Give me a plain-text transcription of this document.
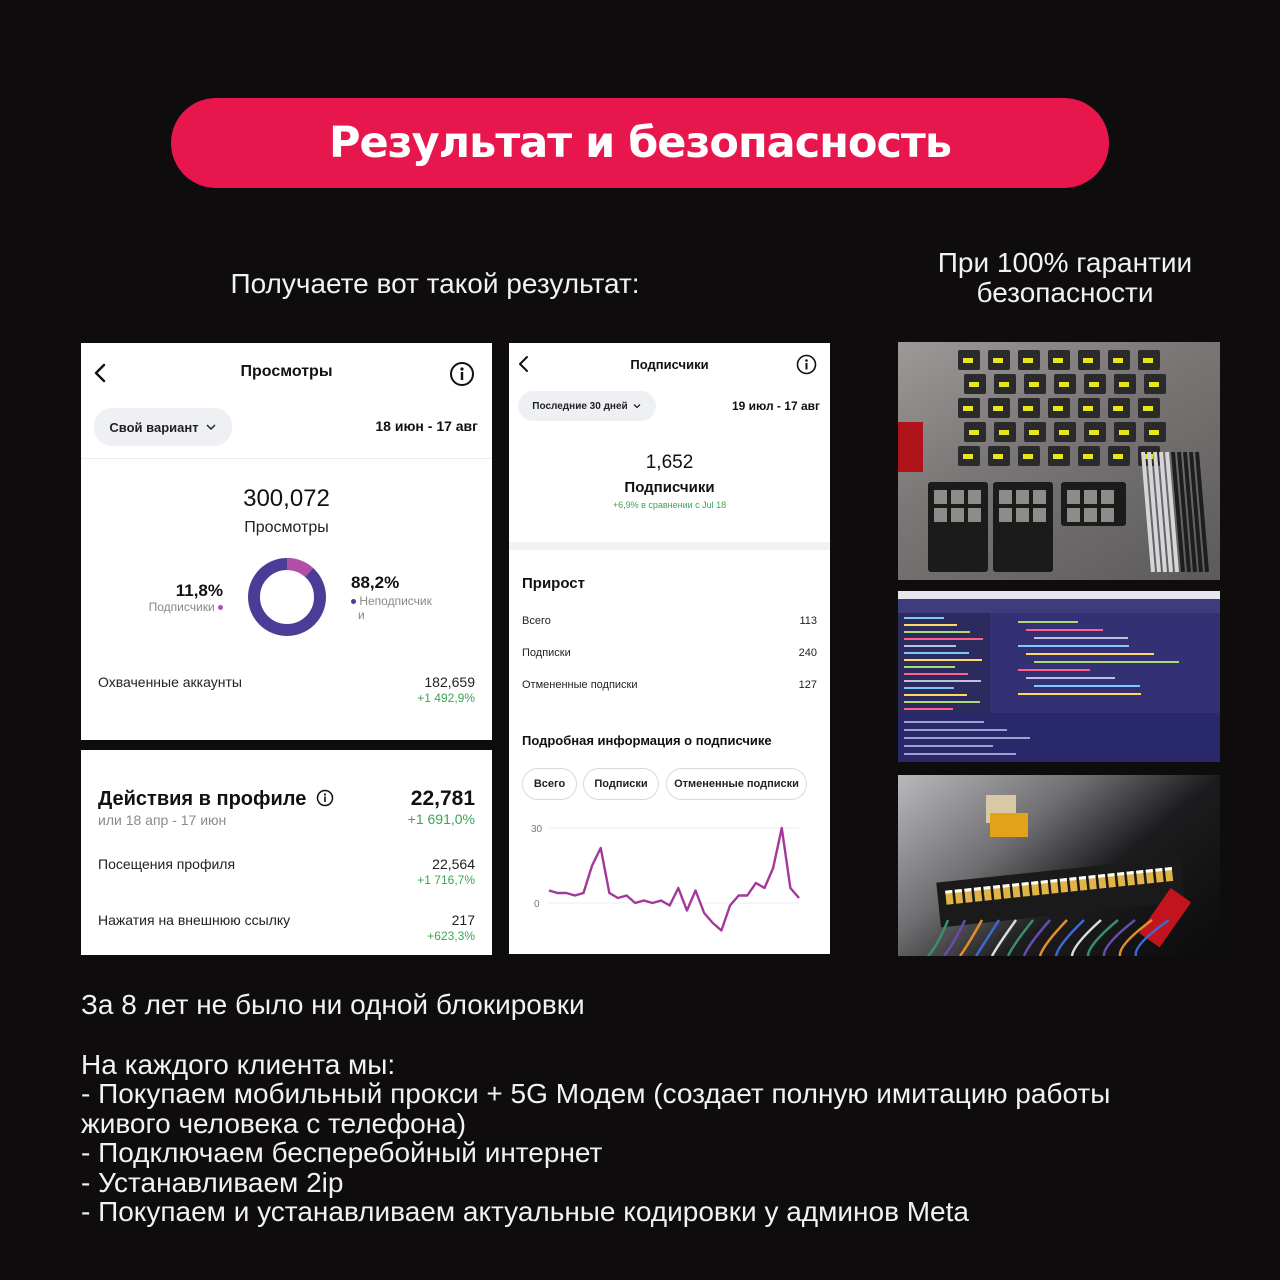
Результат и безопасность
Получаете вот такой результат:
При 100% гарантии
безопасности
Просмотры
Свой вариант	18 июн - 17 авг
300,072
Просмотры
11,8%
Подписчики
88,2%
Неподписчик
и
Охваченные аккаунты	182,659
+1 492,9%
Действия в профиле
или 18 апр - 17 июн
22,781
+1 691,0%
Посещения профиля	22,564
+1 716,7%
Нажатия на внешнюю ссылку	217
+623,3%
Подписчики
Последние 30 дней	19 июл - 17 авг
1,652
Подписчики
+6,9% в сравнении с Jul 18
Прирост
Всего	113
Подписки	240
Отмененные подписки	127
Подробная информация о подписчике
Всего	Подписки	Отмененные подписки
30
0
За 8 лет не было ни одной блокировки
На каждого клиента мы:
- Покупаем мобильный прокси + 5G Модем (создает полную имитацию работы
живого человека с телефона)
- Подключаем бесперебойный интернет
- Устанавливаем 2ip
- Покупаем и устанавливаем актуальные кодировки у админов Meta
